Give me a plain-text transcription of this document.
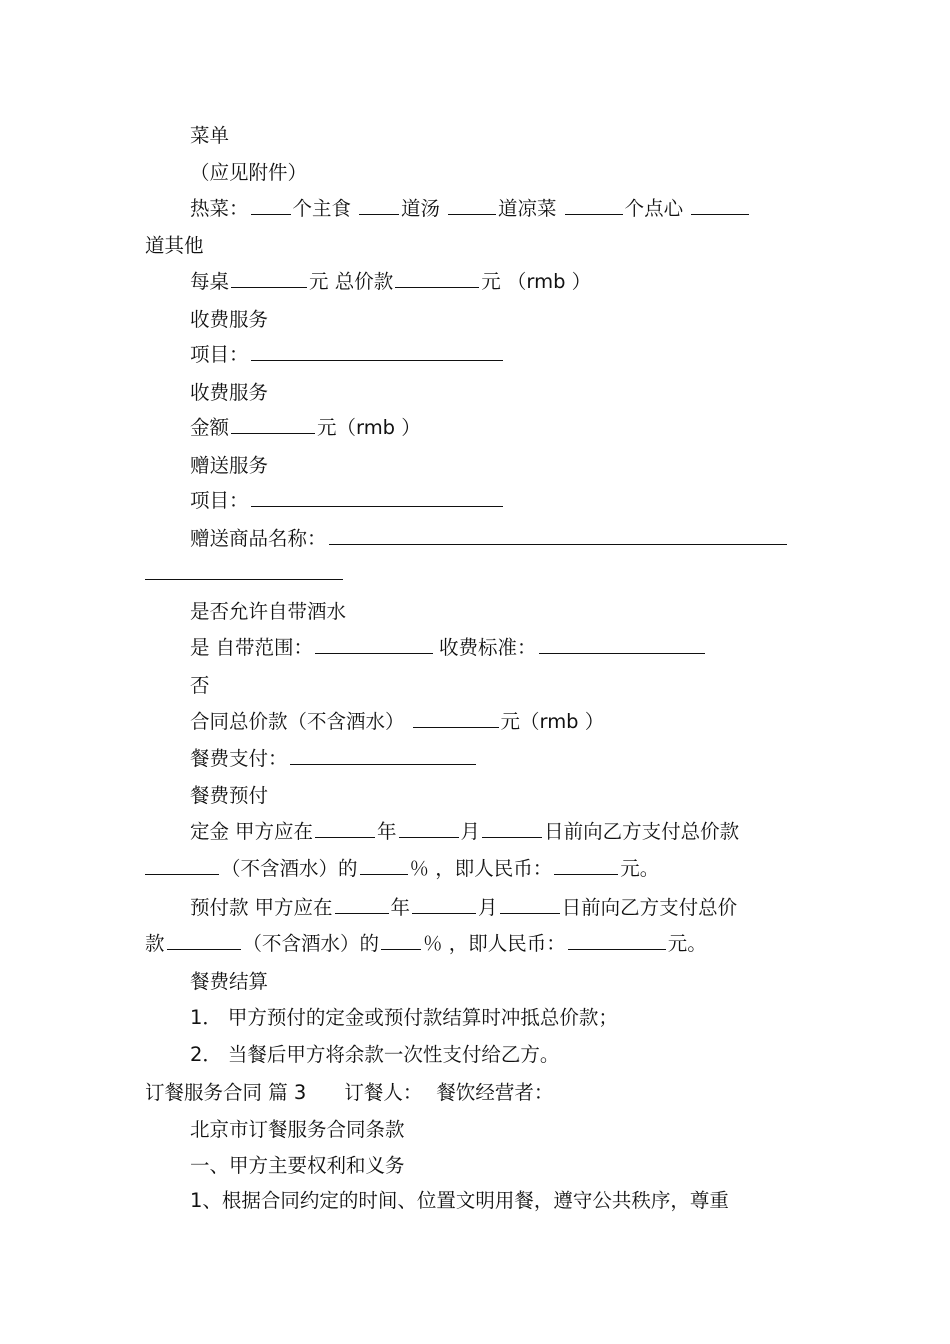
菜单
（应见附件）
热菜： 个主食	道汤	道凉菜	个点心
道其他
每桌	元 总价款	元 （rmb ）
收费服务
项目：
收费服务
金额	元（rmb ）
赠送服务
项目：
赠送商品名称：
是否允许自带酒水
是 自带范围：	收费标准：
否
合同总价款（不含酒水）	元（rmb ）
餐费支付：
餐费预付
定金 甲方应在	年	月	日前向乙方支付总价款
（不含酒水）的	％ ，即人民币：	元。
预付款 甲方应在	年	月	日前向乙方支付总价
款	（不含酒水）的 ％ ，即人民币：	元。
餐费结算
1． 甲方预付的定金或预付款结算时冲抵总价款；
2． 当餐后甲方将余款一次性支付给乙方。
订餐服务合同 篇 3 订餐人： 餐饮经营者：
北京市订餐服务合同条款
一、甲方主要权利和义务
1、根据合同约定的时间、位置文明用餐，遵守公共秩序，尊重
